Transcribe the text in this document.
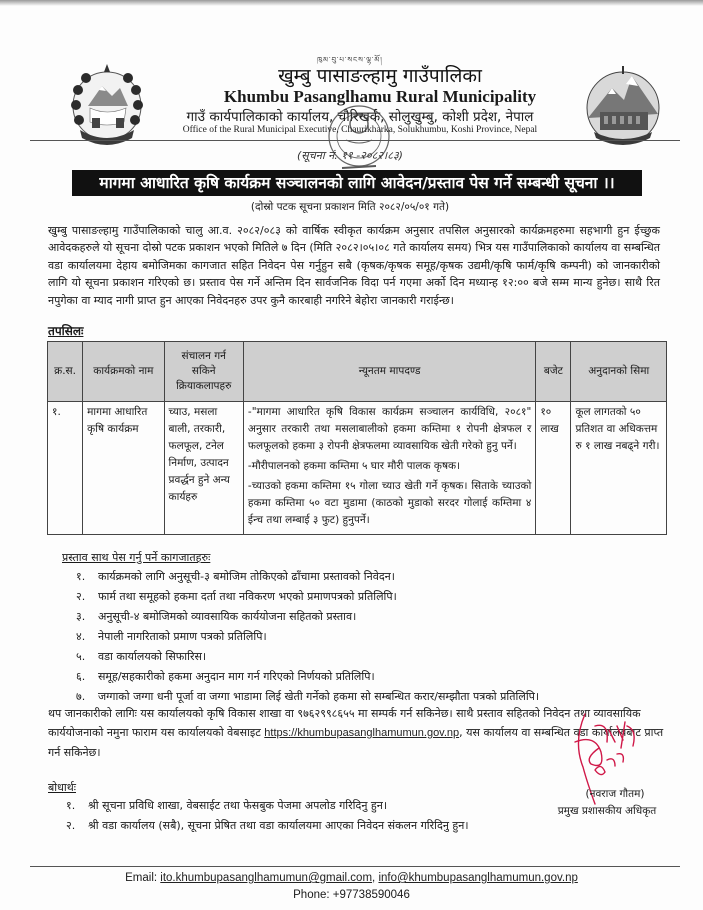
ཁུམ་བུ་པ་སངས་ལྷ་མོ།
खुम्बु पासाङल्हामु गाउँपालिका
Khumbu Pasanglhamu Rural Municipality
गाउँ कार्यपालिकाको कार्यालय, चौरिखर्क, सोलुखुम्बु, कोशी प्रदेश, नेपाल
Office of the Rural Municipal Executive, Chaurikharka, Solukhumbu, Koshi Province, Nepal
(सूचना नं. ११ -२०८२।८३)
मागमा आधारित कृषि कार्यक्रम सञ्चालनको लागि आवेदन/प्रस्ताव पेस गर्ने सम्बन्धी सूचना ।।
(दोस्रो पटक सूचना प्रकाशन मिति २०८२/०५/०१ गते)
खुम्बु पासाङल्हामु गाउँपालिकाको चालु आ.व. २०८२/०८३ को वार्षिक स्वीकृत कार्यक्रम अनुसार तपसिल अनुसारको कार्यक्रमहरुमा सहभागी हुन ईच्छुक आवेदकहरुले यो सूचना दोस्रो पटक प्रकाशन भएको मितिले ७ दिन (मिति २०८२।०५।०८ गते कार्यालय समय) भित्र यस गाउँपालिकाको कार्यालय वा सम्बन्धित वडा कार्यालयमा देहाय बमोजिमका कागजात सहित निवेदन पेस गर्नुहुन सबै (कृषक/कृषक समूह/कृषक उद्यमी/कृषि फार्म/कृषि कम्पनी) को जानकारीको लागि यो सूचना प्रकाशन गरिएको छ। प्रस्ताव पेस गर्ने अन्तिम दिन सार्वजनिक विदा पर्न गएमा अर्को दिन मध्यान्ह १२:०० बजे सम्म मान्य हुनेछ। साथै रित नपुगेका वा म्याद नागी प्राप्त हुन आएका निवेदनहरु उपर कुनै कारबाही नगरिने बेहोरा जानकारी गराईन्छ।
तपसिलः
क्र.स.	कार्यक्रमको नाम	संचालन गर्न सकिने क्रियाकलापहरु	न्यूनतम मापदण्ड	बजेट	अनुदानको सिमा
१.	मागमा आधारित कृषि कार्यक्रम	च्याउ, मसला बाली, तरकारी, फलफूल, टनेल निर्माण, उत्पादन प्रवर्द्धन हुने अन्य कार्यहरु	-"मागमा आधारित कृषि विकास कार्यक्रम सञ्चालन कार्यविधि, २०८१" अनुसार तरकारी तथा मसलाबालीको हकमा कम्तिमा १ रोपनी क्षेत्रफल र फलफूलको हकमा ३ रोपनी क्षेत्रफलमा व्यावसायिक खेती गरेको हुनु पर्ने।

-मौरीपालनको हकमा कम्तिमा ५ घार मौरी पालक कृषक।

-च्याउको हकमा कम्तिमा १५ गोला च्याउ खेती गर्ने कृषक। सिताके च्याउको हकमा कम्तिमा ५० वटा मुडामा (काठको मुडाको सरदर गोलाई कम्तिमा ४ ईन्च तथा लम्बाई ३ फुट) हुनुपर्ने।	१० लाख	कूल लागतको ५० प्रतिशत वा अधिकत्तम रु १ लाख नबढ्ने गरी।
प्रस्ताव साथ पेस गर्नु पर्ने कागजातहरुः
१.	कार्यक्रमको लागि अनुसूची-३ बमोजिम तोकिएको ढाँचामा प्रस्तावको निवेदन।
२.	फार्म तथा समूहको हकमा दर्ता तथा नविकरण भएको प्रमाणपत्रको प्रतिलिपि।
३.	अनुसूची-४ बमोजिमको व्यावसायिक कार्ययोजना सहितको प्रस्ताव।
४.	नेपाली नागरिताको प्रमाण पत्रको प्रतिलिपि।
५.	वडा कार्यालयको सिफारिस।
६.	समूह/सहकारीको हकमा अनुदान माग गर्न गरिएको निर्णयको प्रतिलिपि।
७.	जग्गाको जग्गा धनी पूर्जा वा जग्गा भाडामा लिई खेती गर्नेको हकमा सो सम्बन्धित करार/सम्झौता पत्रको प्रतिलिपि।
थप जानकारीको लागिः यस कार्यालयको कृषि विकास शाखा वा ९७६२९९८६५५ मा सम्पर्क गर्न सकिनेछ। साथै प्रस्ताव सहितको निवेदन तथा व्यावसायिक कार्ययोजनाको नमुना फाराम यस कार्यालयको वेबसाइट https://khumbupasanglhamumun.gov.np, यस कार्यालय वा सम्बन्धित वडा कार्यालयबाट प्राप्त गर्न सकिनेछ।
(नवराज गौतम)
प्रमुख प्रशासकीय अधिकृत
बोधार्थः
१.	श्री सूचना प्रविधि शाखा, वेबसाईट तथा फेसबुक पेजमा अपलोड गरिदिनु हुन।
२.	श्री वडा कार्यालय (सबै), सूचना प्रेषित तथा वडा कार्यालयमा आएका निवेदन संकलन गरिदिनु हुन।
Email: ito.khumbupasanglhamumun@gmail.com, info@khumbupasanglhamumun.gov.np
Phone: +97738590046
